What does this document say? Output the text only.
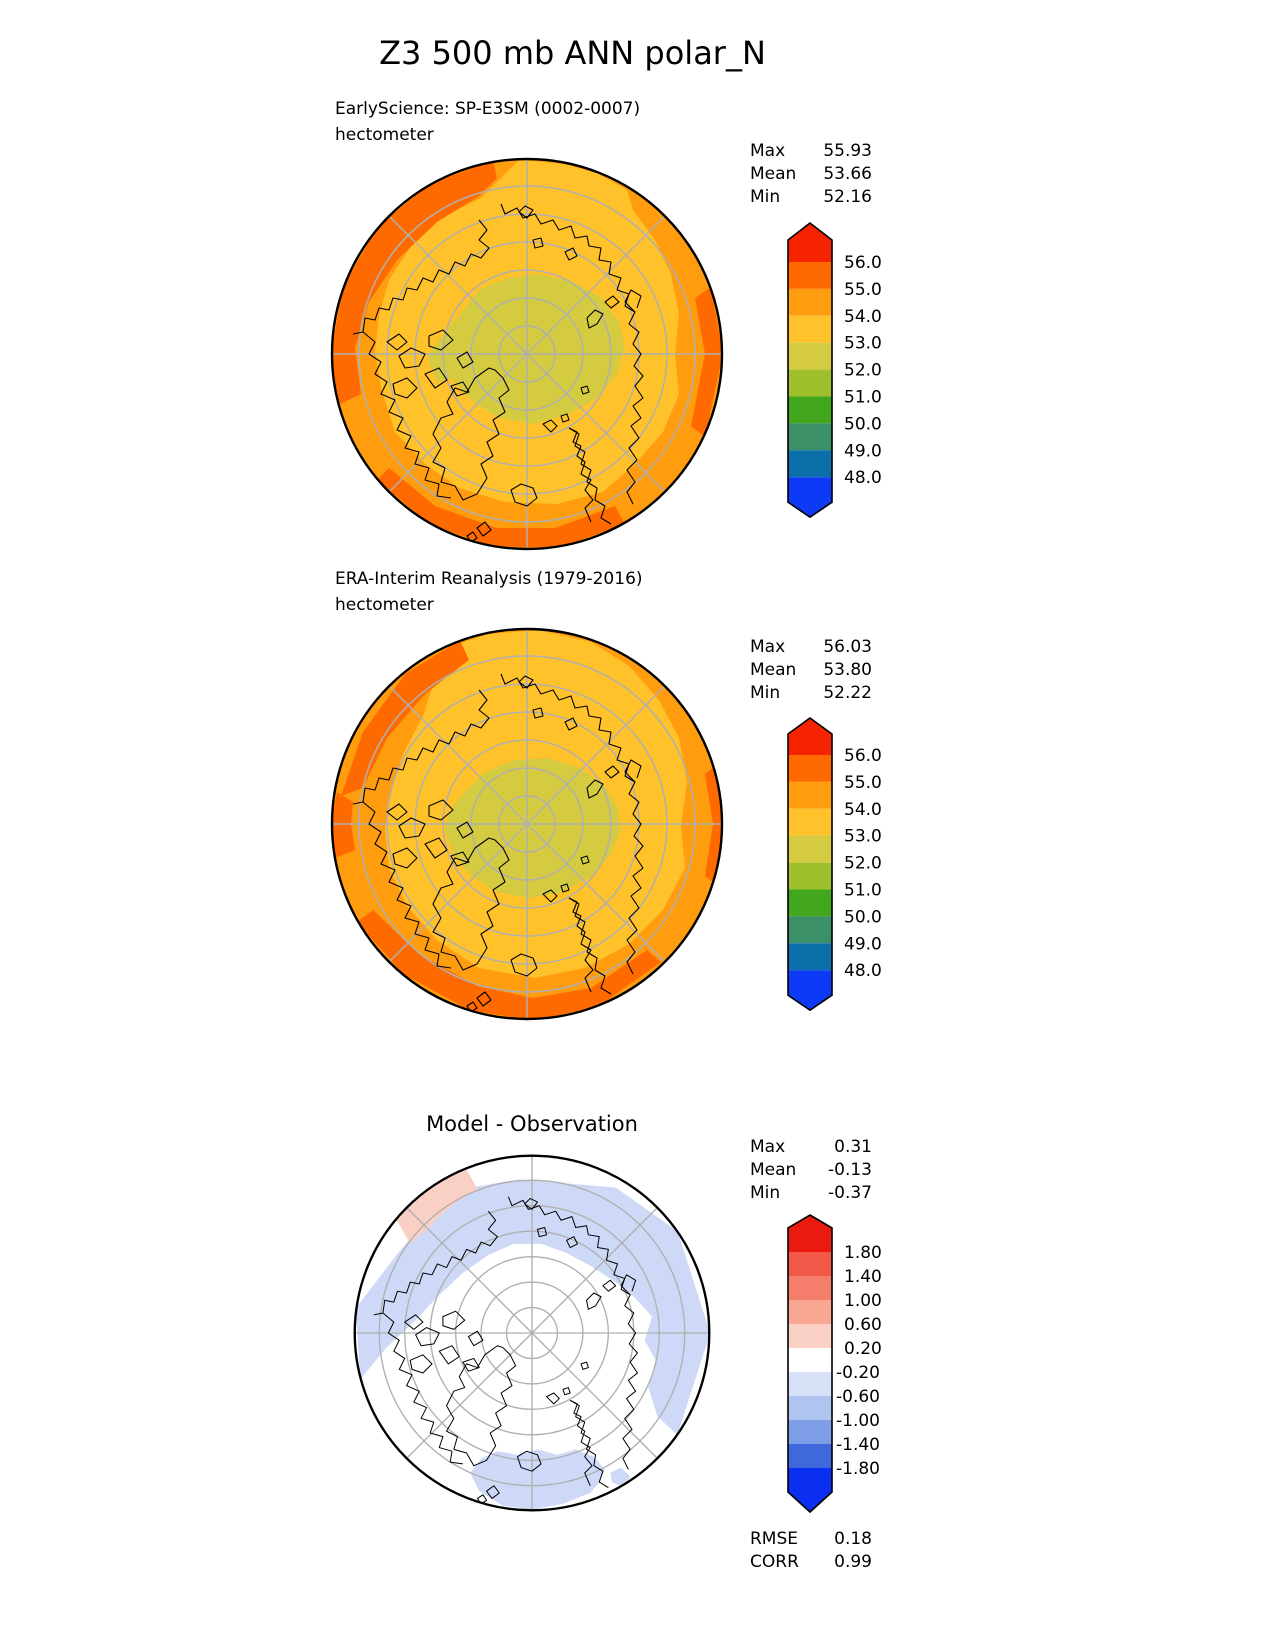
Z3 500 mb ANN polar_N
EarlyScience: SP-E3SM (0002-0007)
hectometer
Max 55.93
Mean 53.66
Min	52.16
56.0
55.0
54.0
53.0
52.0
51.0
50.0
49.0
48.0
ERA-Interim Reanalysis (1979-2016)
hectometer
Max 56.03
Mean 53.80
Min	52.22
56.0
55.0
54.0
53.0
52.0
51.0
50.0
49.0
48.0
Model - Observation
Max	0.31
Mean -0.13
Min	-0.37
1.80
1.40
1.00
0.60
0.20
-0.20
-0.60
-1.00
-1.40
-1.80
RMSE 0.18
CORR 0.99
